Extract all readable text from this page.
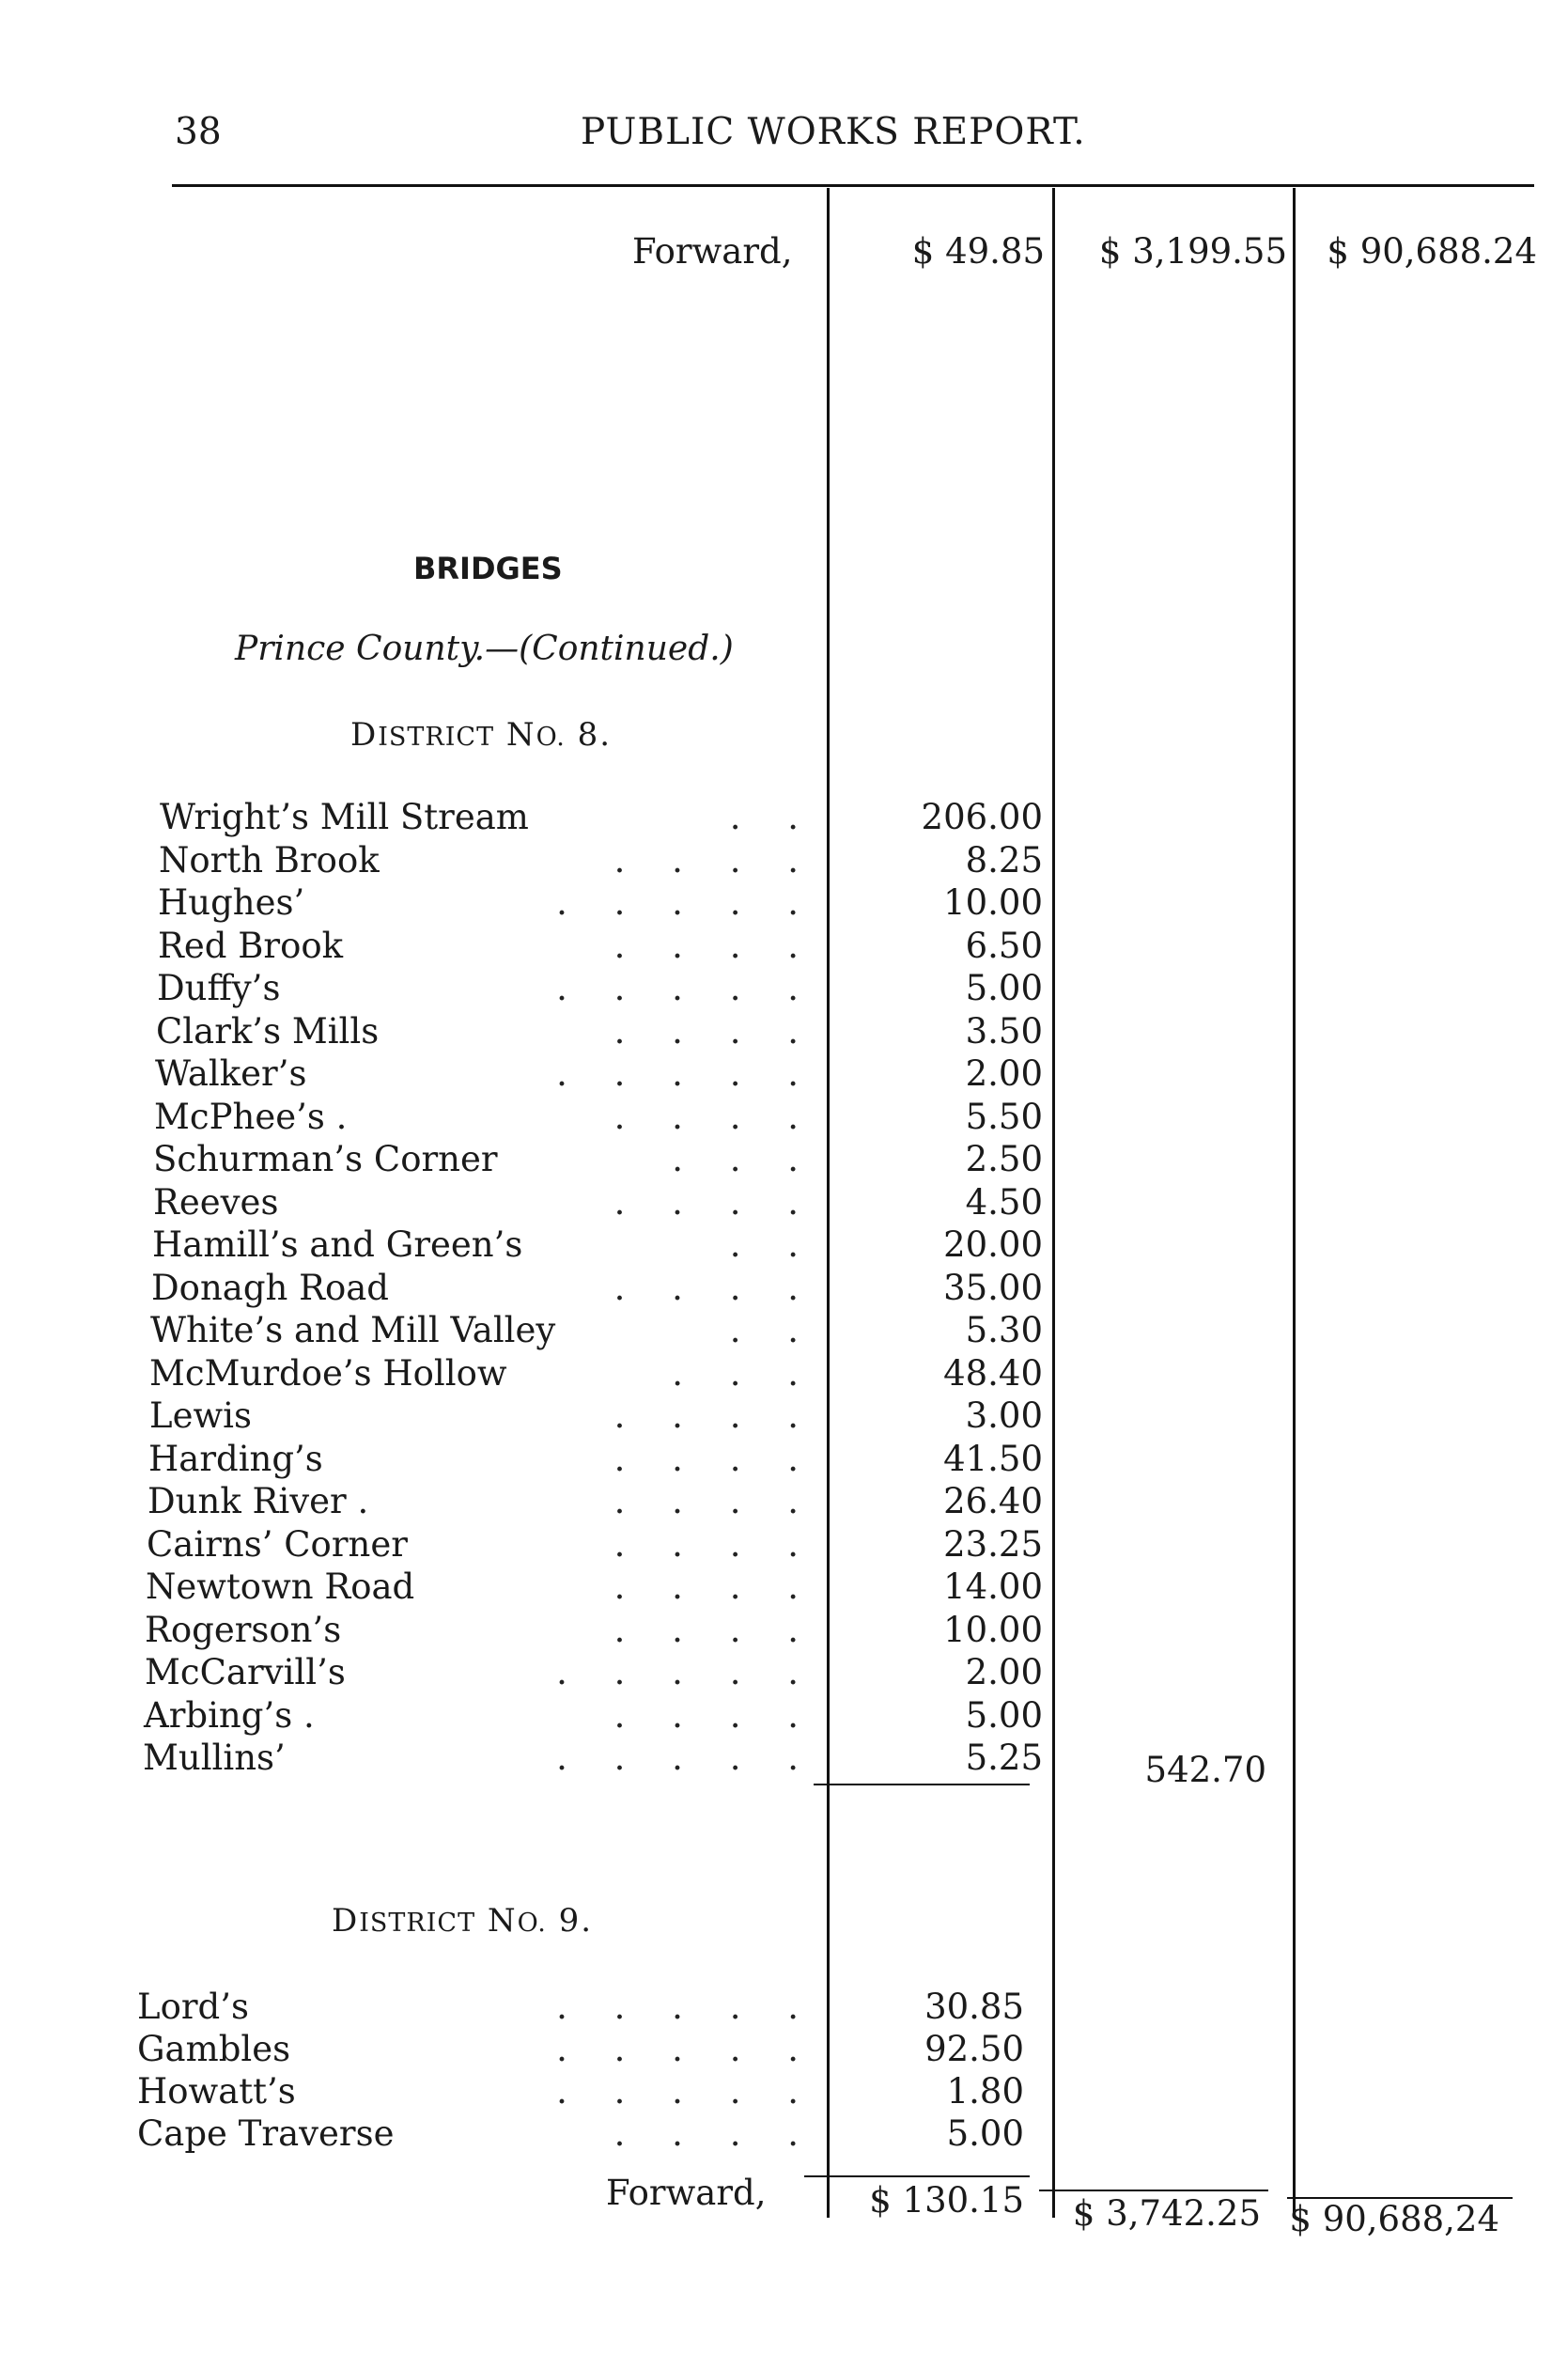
38	PUBLIC WORKS REPORT.
Forward,	$ 49.85	$ 3,199.55	$ 90,688.24
BRIDGES
Prince County.—(Continued.)
DISTRICT NO. 8.
Wright’s Mill Stream	. .	206.00
North Brook	. . . .	8.25
Hughes’	. . . . .	10.00
Red Brook	. . . .	6.50
Duffy’s	. . . . .	5.00
Clark’s Mills	. . . .	3.50
Walker’s	. . . . .	2.00
McPhee’s .	. . . .	5.50
Schurman’s Corner	. . .	2.50
Reeves	. . . .	4.50
Hamill’s and Green’s	. .	20.00
Donagh Road	. . . .	35.00
White’s and Mill Valley	. .	5.30
McMurdoe’s Hollow	. . .	48.40
Lewis	. . . .	3.00
Harding’s	. . . .	41.50
Dunk River .	. . . .	26.40
Cairns’ Corner	. . . .	23.25
Newtown Road	. . . .	14.00
Rogerson’s	. . . .	10.00
McCarvill’s	. . . . .	2.00
Arbing’s .	. . . .	5.00
Mullins’	. . . . .	5.25	542.70
DISTRICT NO. 9.
Lord’s	. . . . .	30.85
Gambles	. . . . .	92.50
Howatt’s	. . . . .	1.80
Cape Traverse	. . . .	5.00
Forward,	$ 130.15	$ 3,742.25 $ 90,688,24
